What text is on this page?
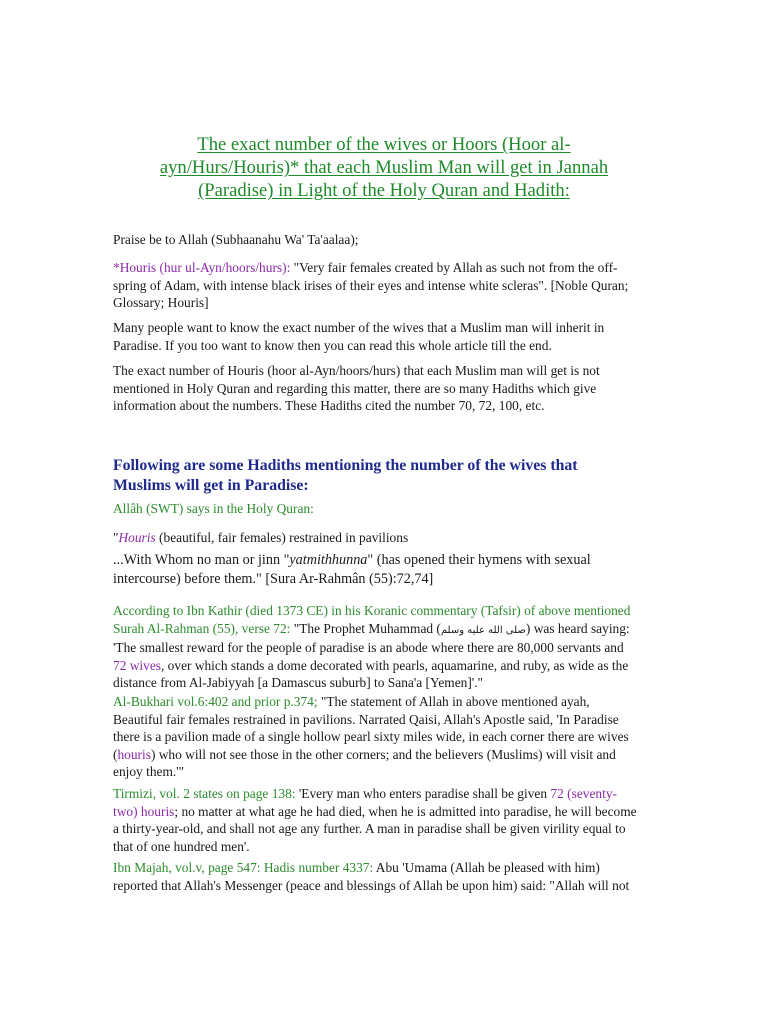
The exact number of the wives or Hoors (Hoor al-
ayn/Hurs/Houris)* that each Muslim Man will get in Jannah
(Paradise) in Light of the Holy Quran and Hadith:
Praise be to Allah (Subhaanahu Wa' Ta'aalaa);
*Houris (hur ul-Ayn/hoors/hurs): "Very fair females created by Allah as such not from the off-
spring of Adam, with intense black irises of their eyes and intense white scleras". [Noble Quran;
Glossary; Houris]
Many people want to know the exact number of the wives that a Muslim man will inherit in
Paradise. If you too want to know then you can read this whole article till the end.
The exact number of Houris (hoor al-Ayn/hoors/hurs) that each Muslim man will get is not
mentioned in Holy Quran and regarding this matter, there are so many Hadiths which give
information about the numbers. These Hadiths cited the number 70, 72, 100, etc.
Following are some Hadiths mentioning the number of the wives that
Muslims will get in Paradise:
Allâh (SWT) says in the Holy Quran:
"Houris (beautiful, fair females) restrained in pavilions
...With Whom no man or jinn "yatmithhunna" (has opened their hymens with sexual
intercourse) before them." [Sura Ar-Rahmân (55):72,74]
According to Ibn Kathir (died 1373 CE) in his Koranic commentary (Tafsir) of above mentioned
Surah Al-Rahman (55), verse 72: "The Prophet Muhammad (صلى الله عليه وسلم) was heard saying:
'The smallest reward for the people of paradise is an abode where there are 80,000 servants and
72 wives, over which stands a dome decorated with pearls, aquamarine, and ruby, as wide as the
distance from Al-Jabiyyah [a Damascus suburb] to Sana'a [Yemen]'."
Al-Bukhari vol.6:402 and prior p.374; "The statement of Allah in above mentioned ayah,
Beautiful fair females restrained in pavilions. Narrated Qaisi, Allah's Apostle said, 'In Paradise
there is a pavilion made of a single hollow pearl sixty miles wide, in each corner there are wives
(houris) who will not see those in the other corners; and the believers (Muslims) will visit and
enjoy them.'"
Tirmizi, vol. 2 states on page 138: 'Every man who enters paradise shall be given 72 (seventy-
two) houris; no matter at what age he had died, when he is admitted into paradise, he will become
a thirty-year-old, and shall not age any further. A man in paradise shall be given virility equal to
that of one hundred men'.
Ibn Majah, vol.v, page 547: Hadis number 4337: Abu 'Umama (Allah be pleased with him)
reported that Allah's Messenger (peace and blessings of Allah be upon him) said: "Allah will not
